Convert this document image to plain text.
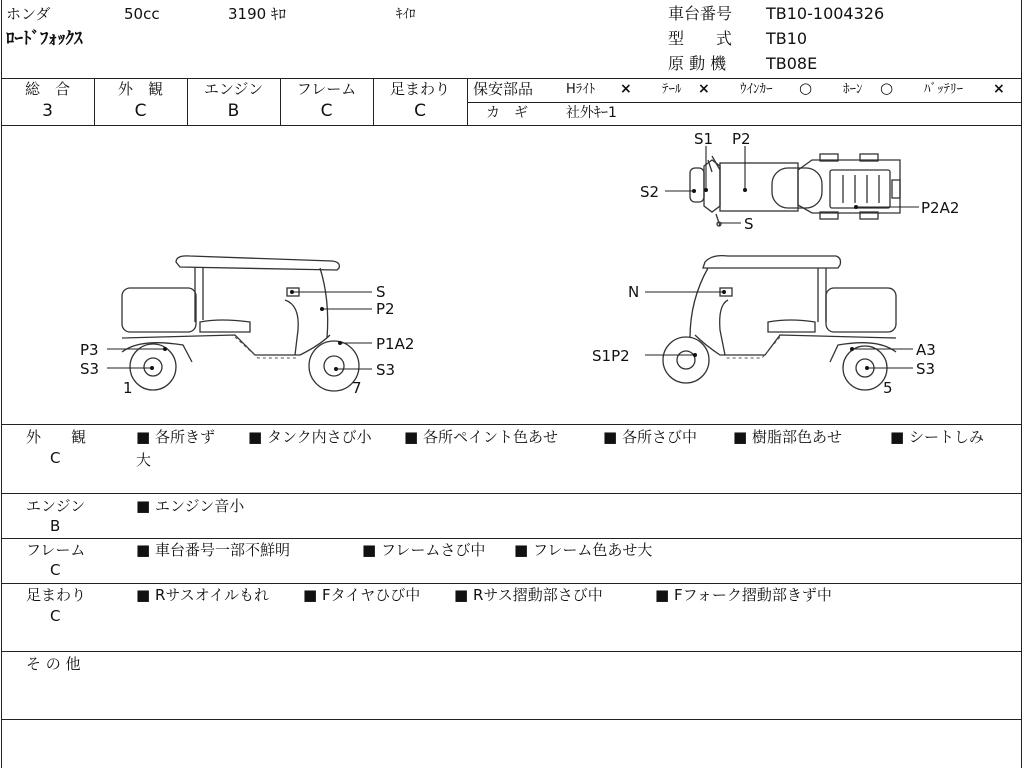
ホンダ	50cc	3190 ｷﾛ	ｷｲﾛ
ﾛｰﾄﾞﾌｫｯｸｽ
車台番号 TB10-1004326
型　　式 TB10
原 動 機 TB08E
総　合
3
外　観
C
エンジン
B
フレーム
C
足まわり
C
保安部品	Hﾗｲﾄ × ﾃｰﾙ × ｳｲﾝｶｰ ○ ﾎｰﾝ ○ ﾊﾞｯﾃﾘｰ ×
カ　ギ	社外ｷｰ1
S1 P2
S2
S
P2A2
S
P2
P1A2
P3
S3	S3
1	7
N
S1P2	A3
S3
5
外　　観
C
■ 各所きず ■ タンク内さび小 ■ 各所ペイント色あせ	■ 各所さび中 ■ 樹脂部色あせ	■ シートしみ
大
エンジン
B
■ エンジン音小
フレーム
C
■ 車台番号一部不鮮明	■ フレームさび中 ■ フレーム色あせ大
足まわり
C
■ Rサスオイルもれ ■ Fタイヤひび中 ■ Rサス摺動部さび中	■ Fフォーク摺動部きず中
そ の 他
